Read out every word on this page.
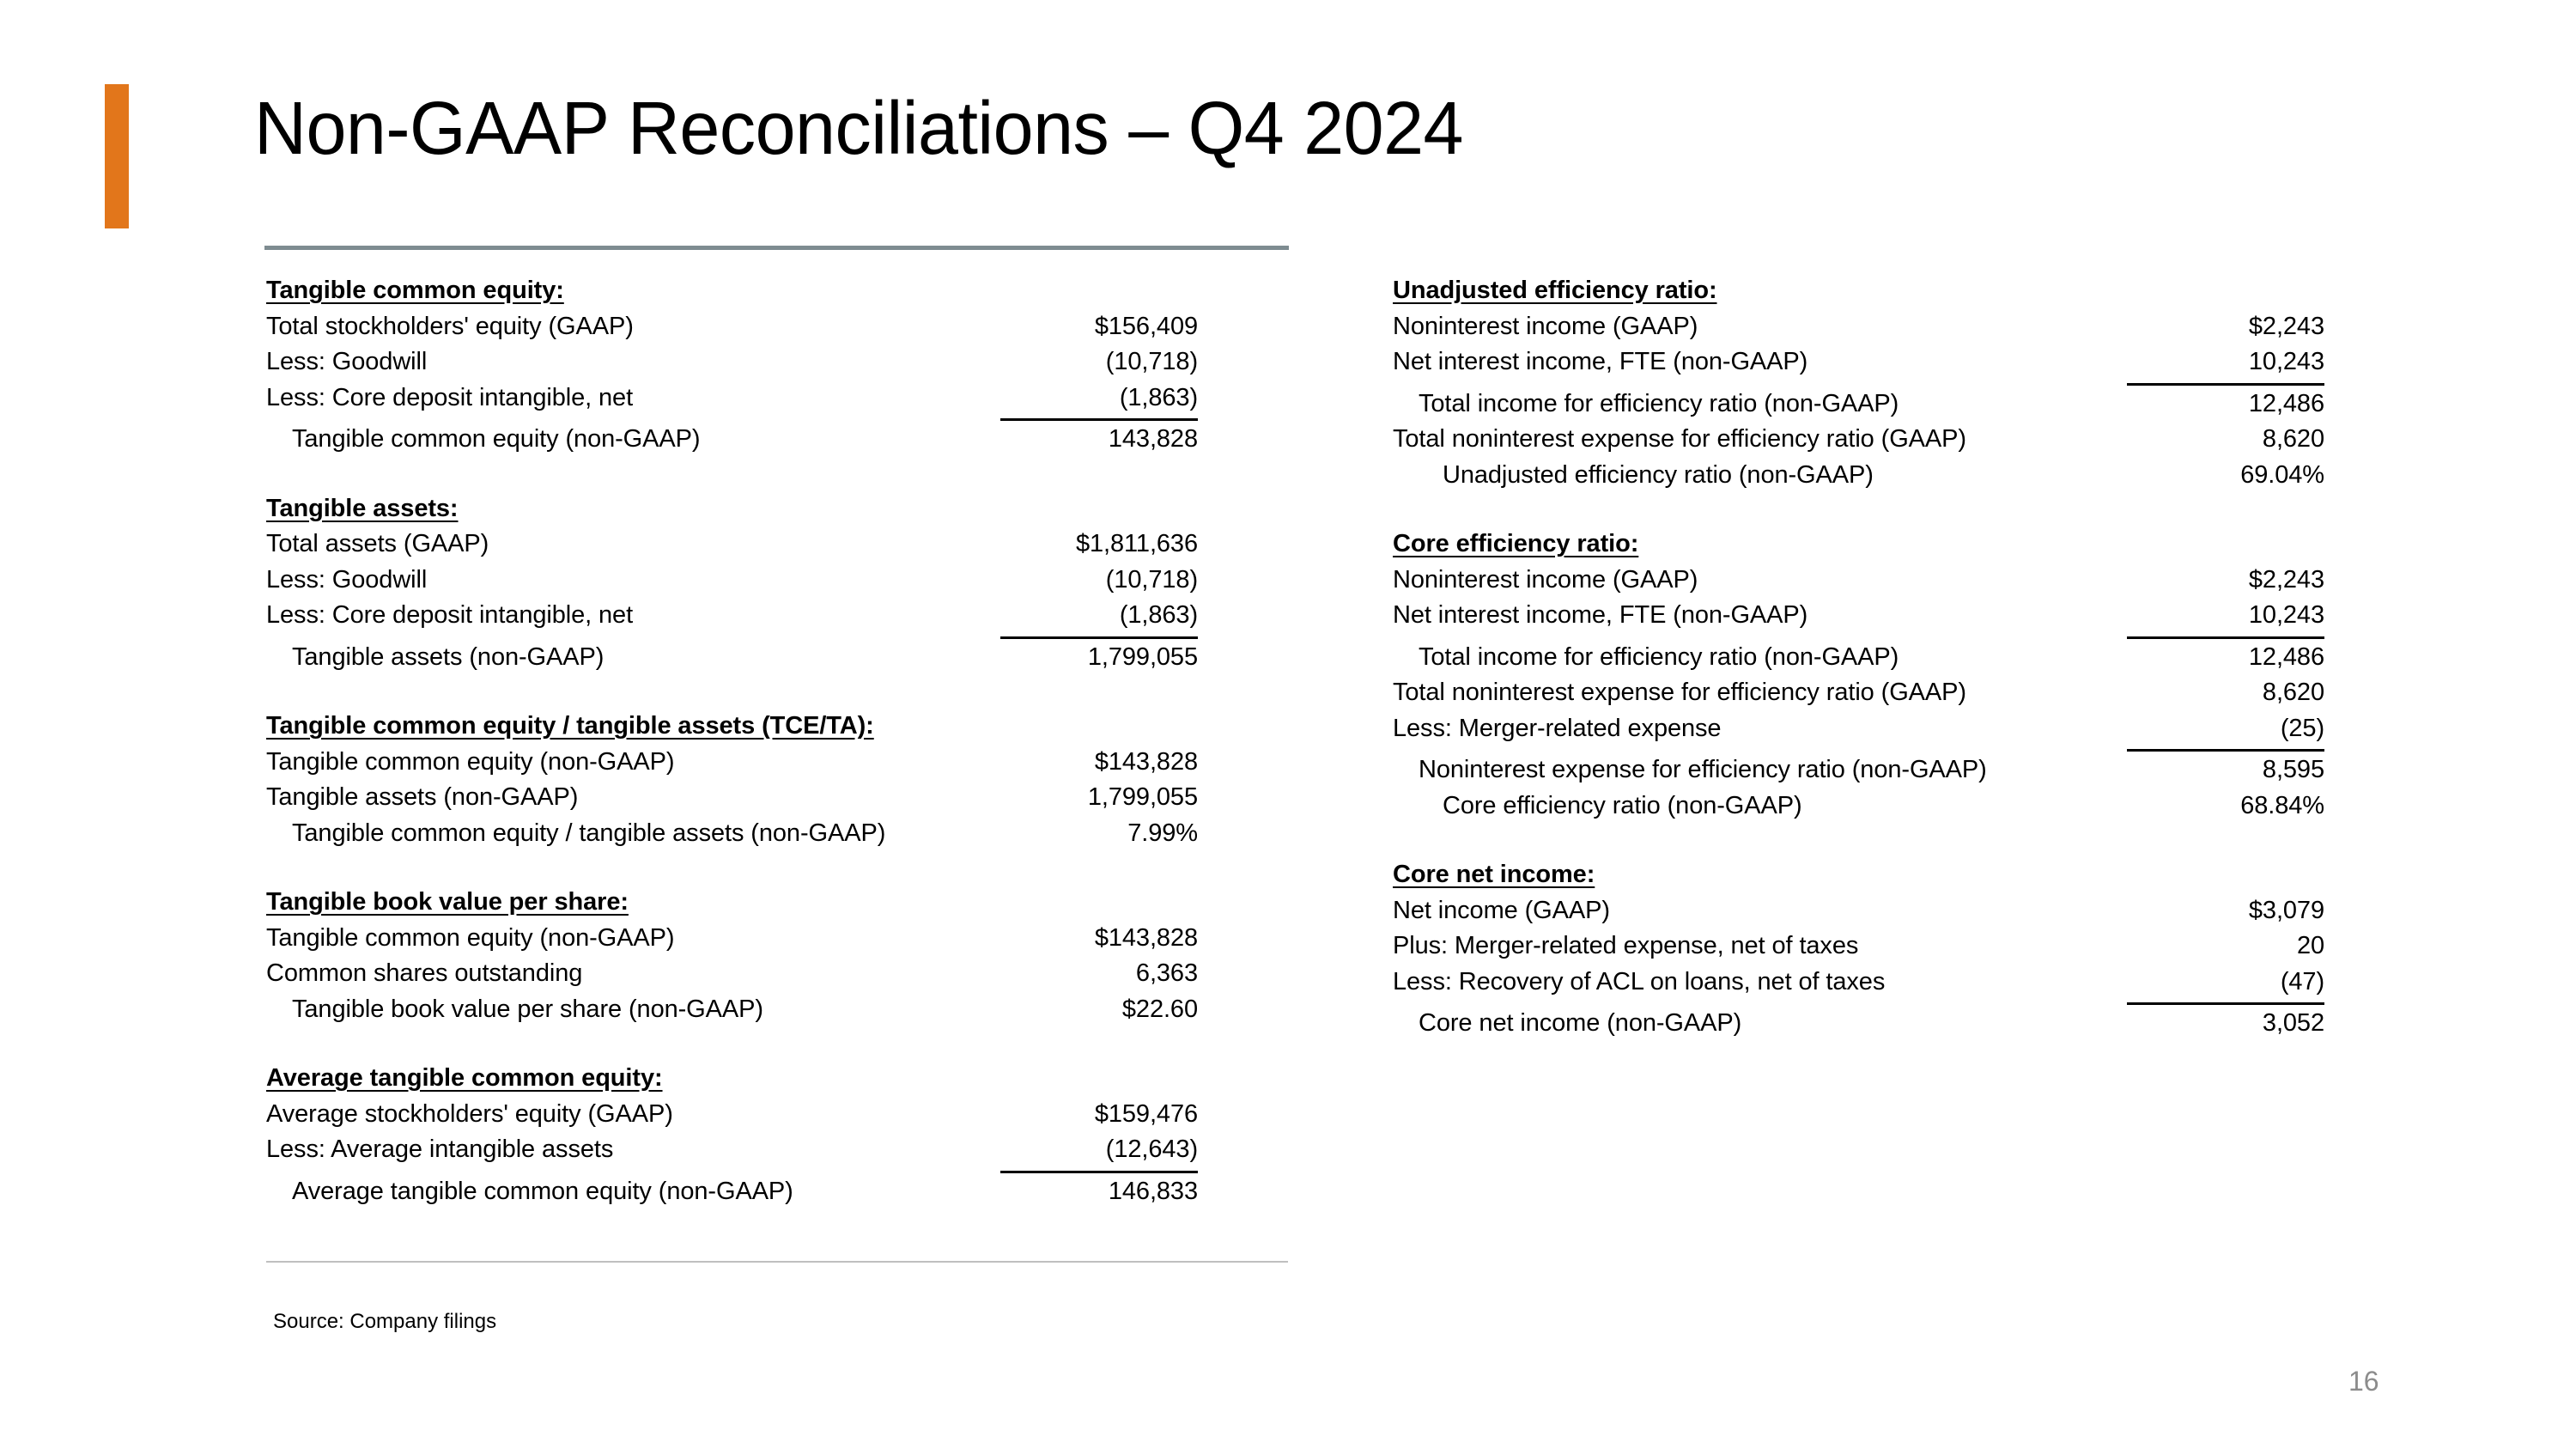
Non-GAAP Reconciliations – Q4 2024
Tangible common equity:
Total stockholders' equity (GAAP)	$156,409
Less: Goodwill	(10,718)
Less: Core deposit intangible, net	(1,863)
Tangible common equity (non-GAAP)	143,828
Tangible assets:
Total assets (GAAP)	$1,811,636
Less: Goodwill	(10,718)
Less: Core deposit intangible, net	(1,863)
Tangible assets (non-GAAP)	1,799,055
Tangible common equity / tangible assets (TCE/TA):
Tangible common equity (non-GAAP)	$143,828
Tangible assets (non-GAAP)	1,799,055
Tangible common equity / tangible assets (non-GAAP)	7.99%
Tangible book value per share:
Tangible common equity (non-GAAP)	$143,828
Common shares outstanding	6,363
Tangible book value per share (non-GAAP)	$22.60
Average tangible common equity:
Average stockholders' equity (GAAP)	$159,476
Less: Average intangible assets	(12,643)
Average tangible common equity (non-GAAP)	146,833
Unadjusted efficiency ratio:
Noninterest income (GAAP)	$2,243
Net interest income, FTE (non-GAAP)	10,243
Total income for efficiency ratio (non-GAAP)	12,486
Total noninterest expense for efficiency ratio (GAAP)	8,620
Unadjusted efficiency ratio (non-GAAP)	69.04%
Core efficiency ratio:
Noninterest income (GAAP)	$2,243
Net interest income, FTE (non-GAAP)	10,243
Total income for efficiency ratio (non-GAAP)	12,486
Total noninterest expense for efficiency ratio (GAAP)	8,620
Less: Merger-related expense	(25)
Noninterest expense for efficiency ratio (non-GAAP)	8,595
Core efficiency ratio (non-GAAP)	68.84%
Core net income:
Net income (GAAP)	$3,079
Plus: Merger-related expense, net of taxes	20
Less: Recovery of ACL on loans, net of taxes	(47)
Core net income (non-GAAP)	3,052
Source: Company filings
16
